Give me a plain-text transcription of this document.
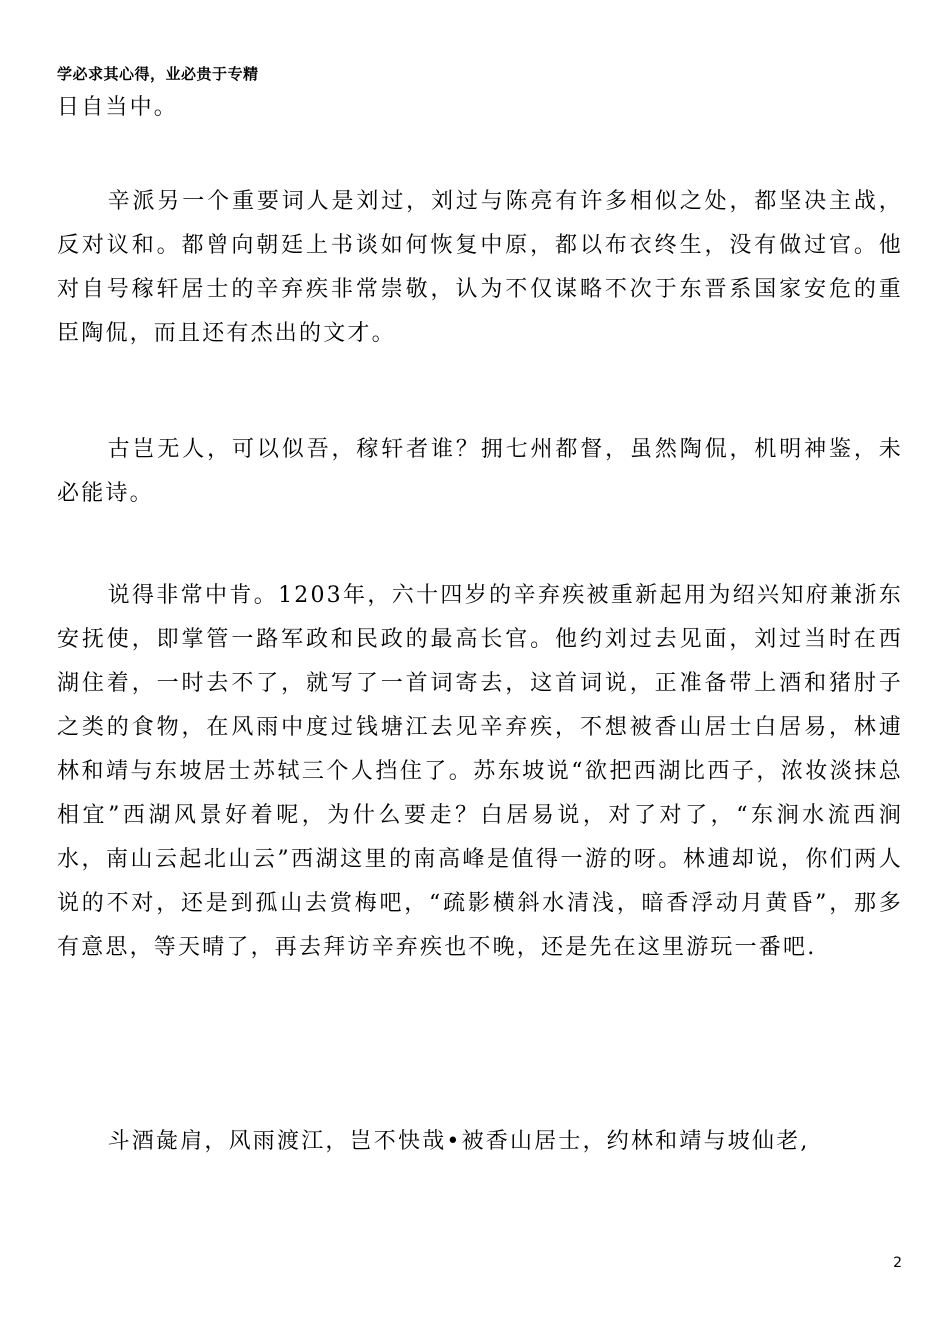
学必求其心得，业必贵于专精

日自当中。

辛派另一个重要词人是刘过，刘过与陈亮有许多相似之处，都坚决主战，反对议和。都曾向朝廷上书谈如何恢复中原，都以布衣终生，没有做过官。他对自号稼轩居士的辛弃疾非常崇敬，认为不仅谋略不次于东晋系国家安危的重臣陶侃，而且还有杰出的文才。

古岂无人，可以似吾，稼轩者谁？拥七州都督，虽然陶侃，机明神鉴，未必能诗。

说得非常中肯。1203年，六十四岁的辛弃疾被重新起用为绍兴知府兼浙东安抚使，即掌管一路军政和民政的最高长官。他约刘过去见面，刘过当时在西湖住着，一时去不了，就写了一首词寄去，这首词说，正准备带上酒和猪肘子之类的食物，在风雨中度过钱塘江去见辛弃疾，不想被香山居士白居易，林逋林和靖与东坡居士苏轼三个人挡住了。苏东坡说“欲把西湖比西子，浓妆淡抹总相宜”西湖风景好着呢，为什么要走？白居易说，对了对了，“东涧水流西涧水，南山云起北山云”西湖这里的南高峰是值得一游的呀。林逋却说，你们两人说的不对，还是到孤山去赏梅吧，“疏影横斜水清浅，暗香浮动月黄昏”，那多有意思，等天晴了，再去拜访辛弃疾也不晚，还是先在这里游玩一番吧.

斗酒彘肩，风雨渡江，岂不快哉•被香山居士，约林和靖与坡仙老,

2
